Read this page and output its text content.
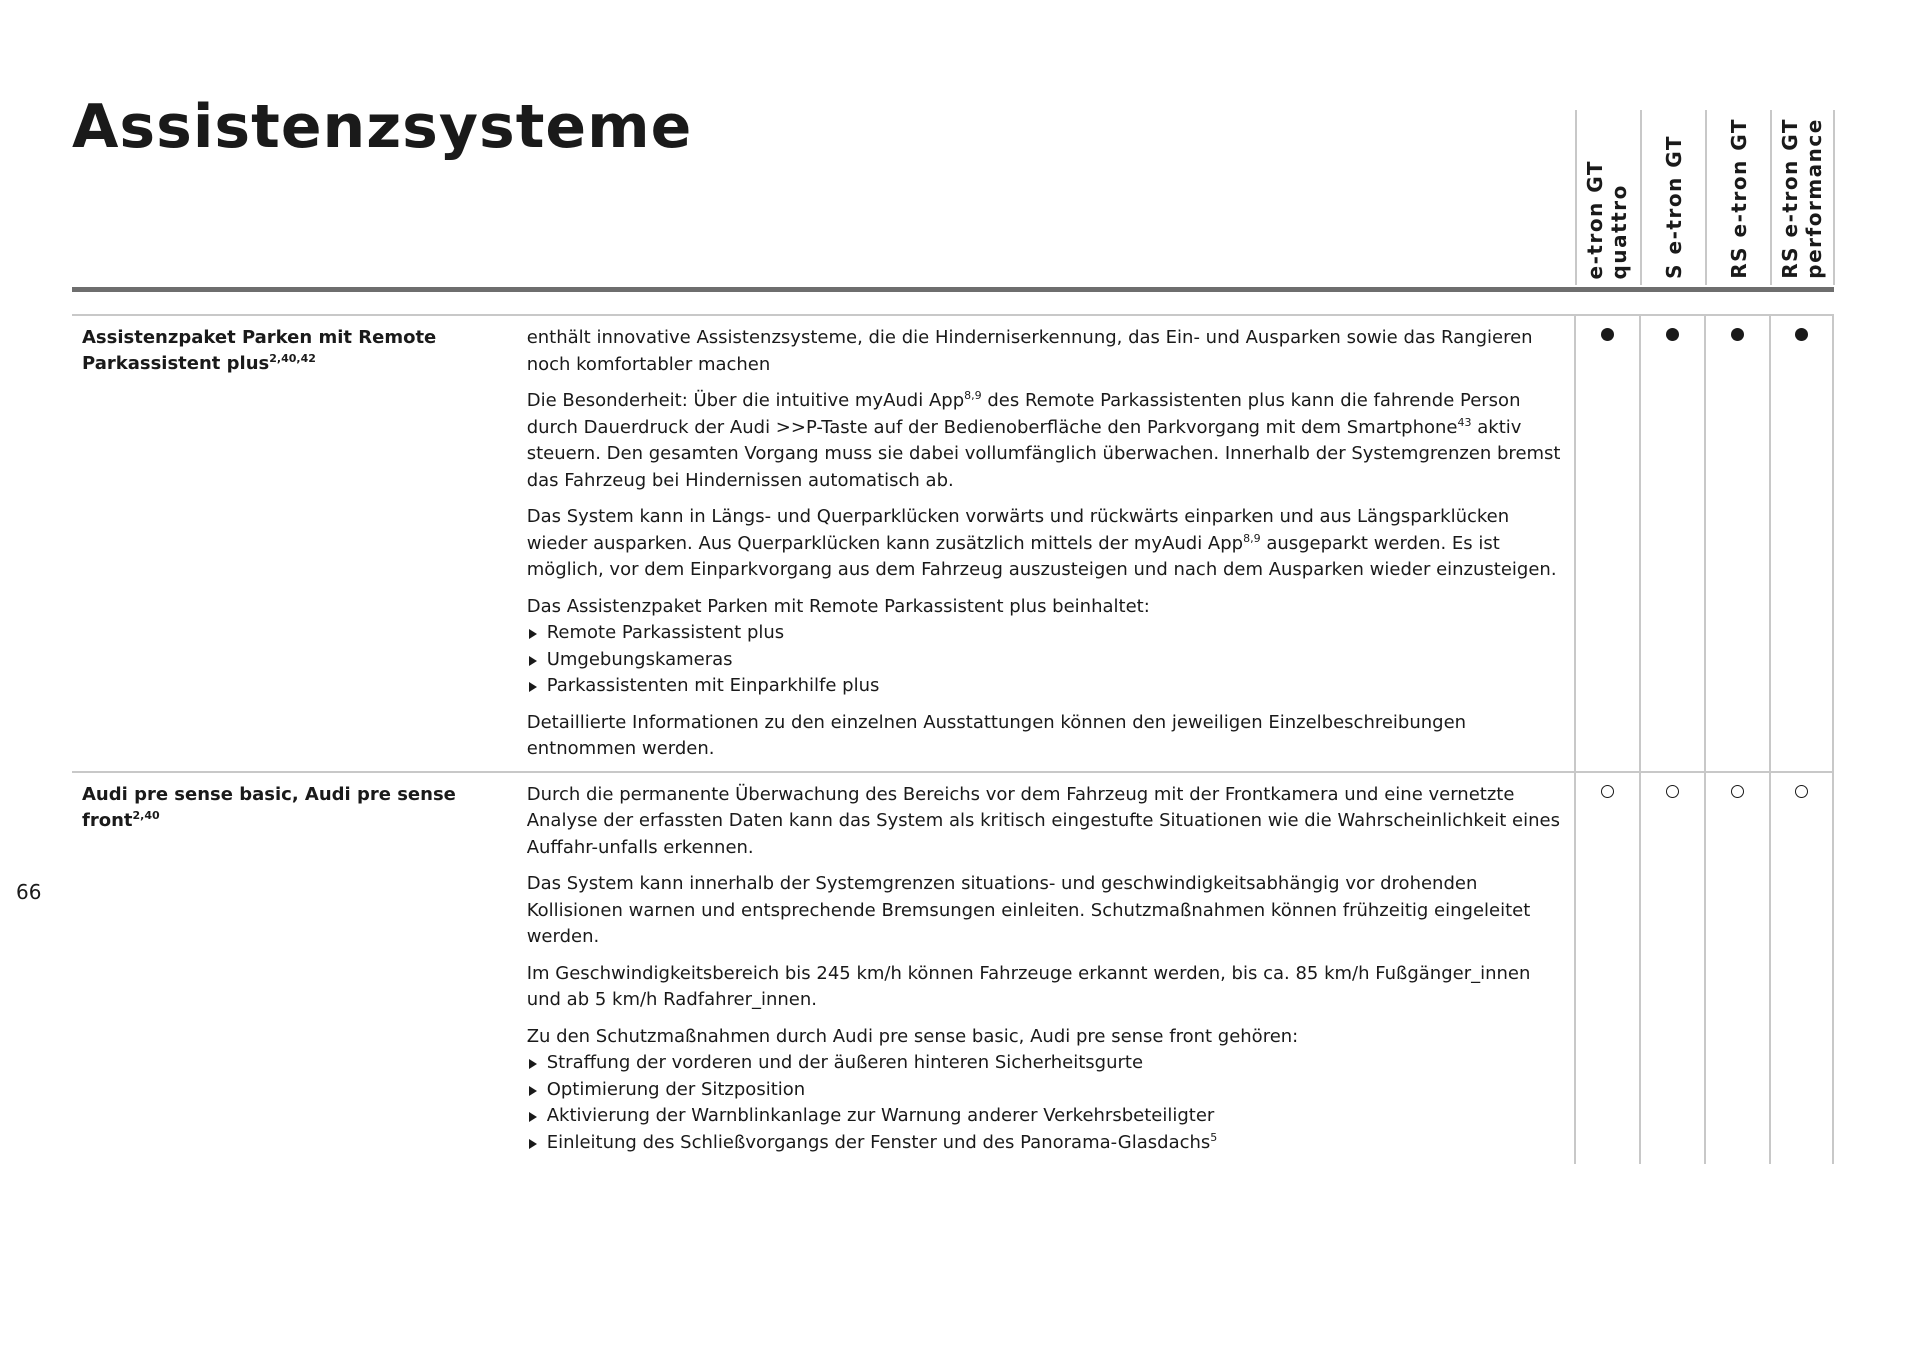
Assistenzsysteme
e-tron GT
quattro S e-tron GT RS e-tron GT RS e-tron GT
performance
Assistenzpaket Parken mit Remote
Parkassistent plus$^{2,40,42}$

enthält innovative Assistenzsysteme, die die Hinderniserkennung, das Ein- und Ausparken sowie das Rangieren noch komfortabler machen

Die Besonderheit: Über die intuitive myAudi App$^{8,9}$ des Remote Parkassistenten plus kann die fahrende Person durch Dauerdruck der Audi >>P-Taste auf der Bedienoberfläche den Parkvorgang mit dem Smartphone$^{43}$ aktiv steuern. Den gesamten Vorgang muss sie dabei vollumfänglich überwachen. Innerhalb der Systemgrenzen bremst das Fahrzeug bei Hindernissen automatisch ab.

Das System kann in Längs- und Querparklücken vorwärts und rückwärts einparken und aus Längsparklücken wieder ausparken. Aus Querparklücken kann zusätzlich mittels der myAudi App$^{8,9}$ ausgeparkt werden. Es ist möglich, vor dem Einparkvorgang aus dem Fahrzeug auszusteigen und nach dem Ausparken wieder einzusteigen.

Das Assistenzpaket Parken mit Remote Parkassistent plus beinhaltet:

Remote Parkassistent plus
Umgebungskameras
Parkassistenten mit Einparkhilfe plus

Detaillierte Informationen zu den einzelnen Ausstattungen können den jeweiligen Einzelbeschreibungen entnommen werden.

Audi pre sense basic, Audi pre sense front$^{2,40}$

Durch die permanente Überwachung des Bereichs vor dem Fahrzeug mit der Frontkamera und eine vernetzte Analyse der erfassten Daten kann das System als kritisch eingestufte Situationen wie die Wahrscheinlichkeit eines Auffahr-unfalls erkennen.

Das System kann innerhalb der Systemgrenzen situations- und geschwindigkeitsabhängig vor drohenden Kollisionen warnen und entsprechende Bremsungen einleiten. Schutzmaßnahmen können frühzeitig eingeleitet werden.

Im Geschwindigkeitsbereich bis 245 km/h können Fahrzeuge erkannt werden, bis ca. 85 km/h Fußgänger_innen und ab 5 km/h Radfahrer_innen.

Zu den Schutzmaßnahmen durch Audi pre sense basic, Audi pre sense front gehören:

Straffung der vorderen und der äußeren hinteren Sicherheitsgurte
Optimierung der Sitzposition
Aktivierung der Warnblinkanlage zur Warnung anderer Verkehrsbeteiligter
Einleitung des Schließvorgangs der Fenster und des Panorama-Glasdachs$^5$
66
